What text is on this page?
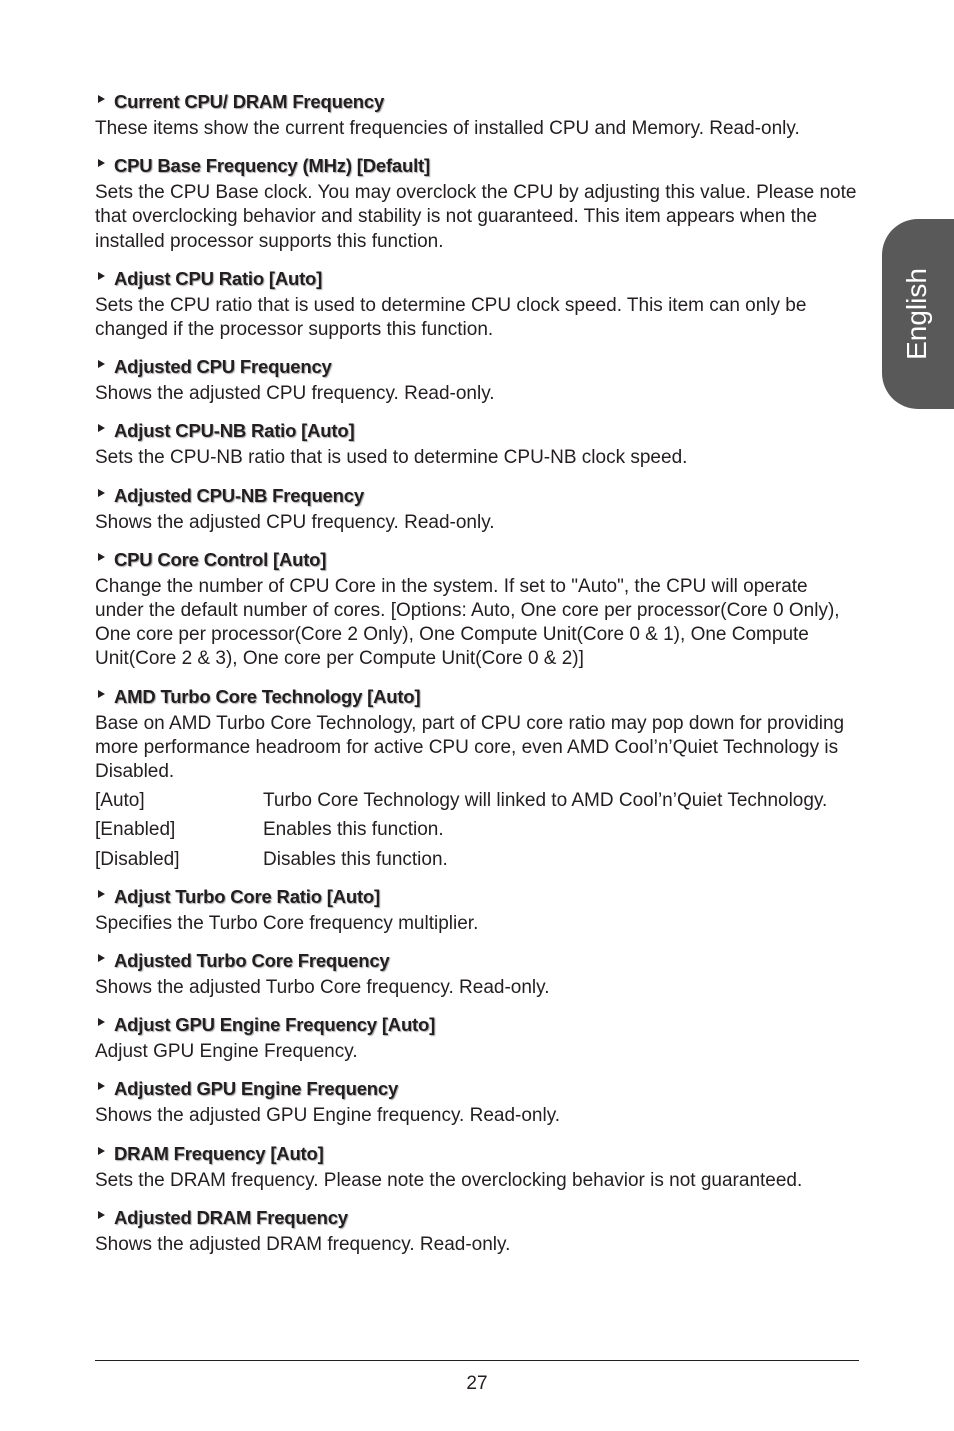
English
Current CPU/ DRAM Frequency
These items show the current frequencies of installed CPU and Memory. Read-only.
CPU Base Frequency (MHz) [Default]
Sets the CPU Base clock. You may overclock the CPU by adjusting this value. Please note that overclocking behavior and stability is not guaranteed. This item appears when the installed processor supports this function.
Adjust CPU Ratio [Auto]
Sets the CPU ratio that is used to determine CPU clock speed. This item can only be changed if the processor supports this function.
Adjusted CPU Frequency
Shows the adjusted CPU frequency. Read-only.
Adjust CPU-NB Ratio [Auto]
Sets the CPU-NB ratio that is used to determine CPU-NB clock speed.
Adjusted CPU-NB Frequency
Shows the adjusted CPU frequency. Read-only.
CPU Core Control [Auto]
Change the number of CPU Core in the system. If set to "Auto", the CPU will operate under the default number of cores. [Options: Auto, One core per processor(Core 0 Only), One core per processor(Core 2 Only), One Compute Unit(Core 0 & 1), One Compute Unit(Core 2 & 3), One core per Compute Unit(Core 0 & 2)]
AMD Turbo Core Technology [Auto]
Base on AMD Turbo Core Technology, part of CPU core ratio may pop down for providing more performance headroom for active CPU core, even AMD Cool’n’Quiet Technology is Disabled.
[Auto]	Turbo Core Technology will linked to AMD Cool’n’Quiet Technology.
[Enabled]	Enables this function.
[Disabled]	Disables this function.
Adjust Turbo Core Ratio [Auto]
Specifies the Turbo Core frequency multiplier.
Adjusted Turbo Core Frequency
Shows the adjusted Turbo Core frequency. Read-only.
Adjust GPU Engine Frequency [Auto]
Adjust GPU Engine Frequency.
Adjusted GPU Engine Frequency
Shows the adjusted GPU Engine frequency. Read-only.
DRAM Frequency [Auto]
Sets the DRAM frequency. Please note the overclocking behavior is not guaranteed.
Adjusted DRAM Frequency
Shows the adjusted DRAM frequency. Read-only.
27
